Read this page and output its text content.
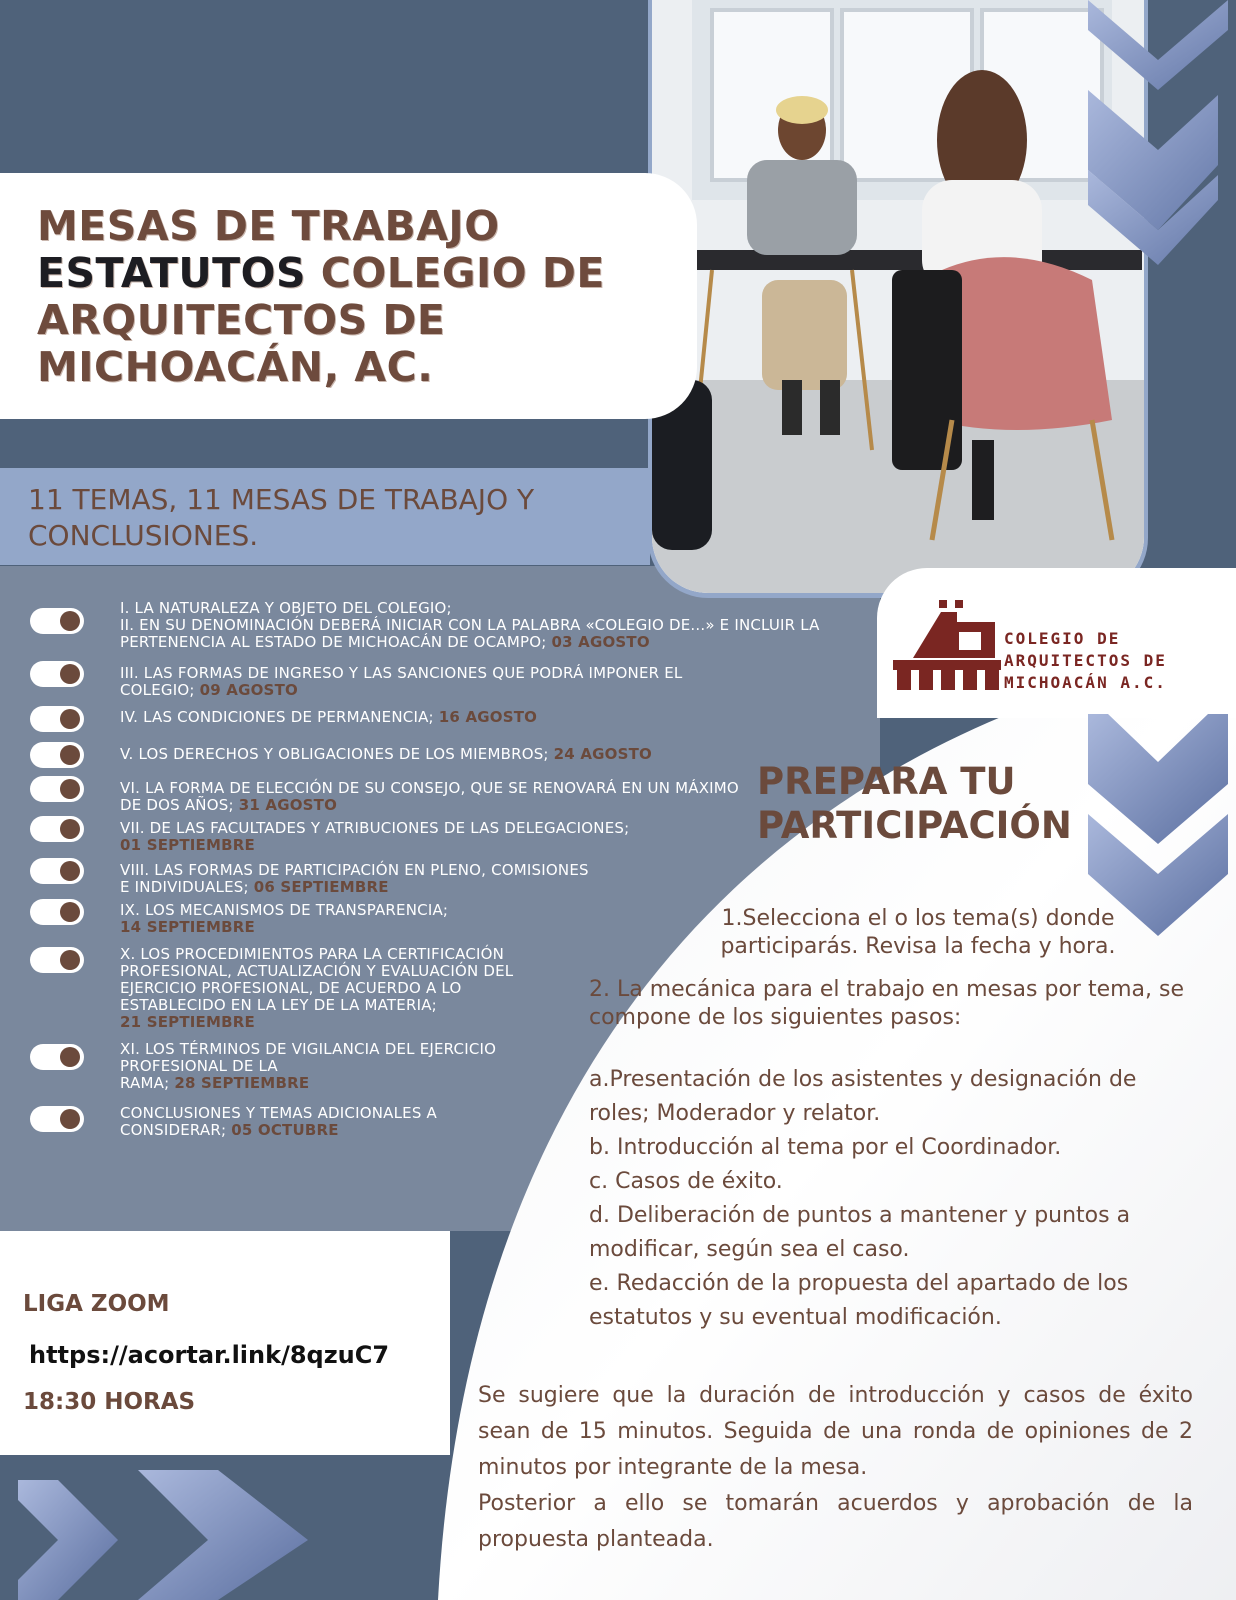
MESAS DE TRABAJO
ESTATUTOS COLEGIO DE
ARQUITECTOS DE
MICHOACÁN, AC.
11 TEMAS, 11 MESAS DE TRABAJO Y
CONCLUSIONES.
I. LA NATURALEZA Y OBJETO DEL COLEGIO;
II. EN SU DENOMINACIÓN DEBERÁ INICIAR CON LA PALABRA «COLEGIO DE...» E INCLUIR LA PERTENENCIA AL ESTADO DE MICHOACÁN DE OCAMPO; 03 AGOSTO
III. LAS FORMAS DE INGRESO Y LAS SANCIONES QUE PODRÁ IMPONER EL COLEGIO; 09 AGOSTO
IV. LAS CONDICIONES DE PERMANENCIA; 16 AGOSTO
V. LOS DERECHOS Y OBLIGACIONES DE LOS MIEMBROS; 24 AGOSTO
VI. LA FORMA DE ELECCIÓN DE SU CONSEJO, QUE SE RENOVARÁ EN UN MÁXIMO DE DOS AÑOS; 31 AGOSTO
VII. DE LAS FACULTADES Y ATRIBUCIONES DE LAS DELEGACIONES;
01 SEPTIEMBRE
VIII. LAS FORMAS DE PARTICIPACIÓN EN PLENO, COMISIONES
E INDIVIDUALES; 06 SEPTIEMBRE
IX. LOS MECANISMOS DE TRANSPARENCIA;
14 SEPTIEMBRE
X. LOS PROCEDIMIENTOS PARA LA CERTIFICACIÓN
PROFESIONAL, ACTUALIZACIÓN Y EVALUACIÓN DEL
EJERCICIO PROFESIONAL, DE ACUERDO A LO
ESTABLECIDO EN LA LEY DE LA MATERIA;
21 SEPTIEMBRE
XI. LOS TÉRMINOS DE VIGILANCIA DEL EJERCICIO
PROFESIONAL DE LA
RAMA; 28 SEPTIEMBRE
CONCLUSIONES Y TEMAS ADICIONALES A
CONSIDERAR; 05 OCTUBRE
COLEGIO DE
ARQUITECTOS DE
MICHOACÁN A.C.
PREPARA TU
PARTICIPACIÓN
1.Selecciona el o los tema(s) donde participarás. Revisa la fecha y hora.
2. La mecánica para el trabajo en mesas por tema, se compone de los siguientes pasos:
a.Presentación de los asistentes y designación de roles; Moderador y relator.
b. Introducción al tema por el Coordinador.
c. Casos de éxito.
d. Deliberación de puntos a mantener y puntos a modificar, según sea el caso.
e. Redacción de la propuesta del apartado de los estatutos y su eventual modificación.
Se sugiere que la duración de introducción y casos de éxito sean de 15 minutos. Seguida de una ronda de opiniones de 2 minutos por integrante de la mesa.
Posterior a ello se tomarán acuerdos y aprobación de la propuesta planteada.
LIGA ZOOM
https://acortar.link/8qzuC7
18:30 HORAS
